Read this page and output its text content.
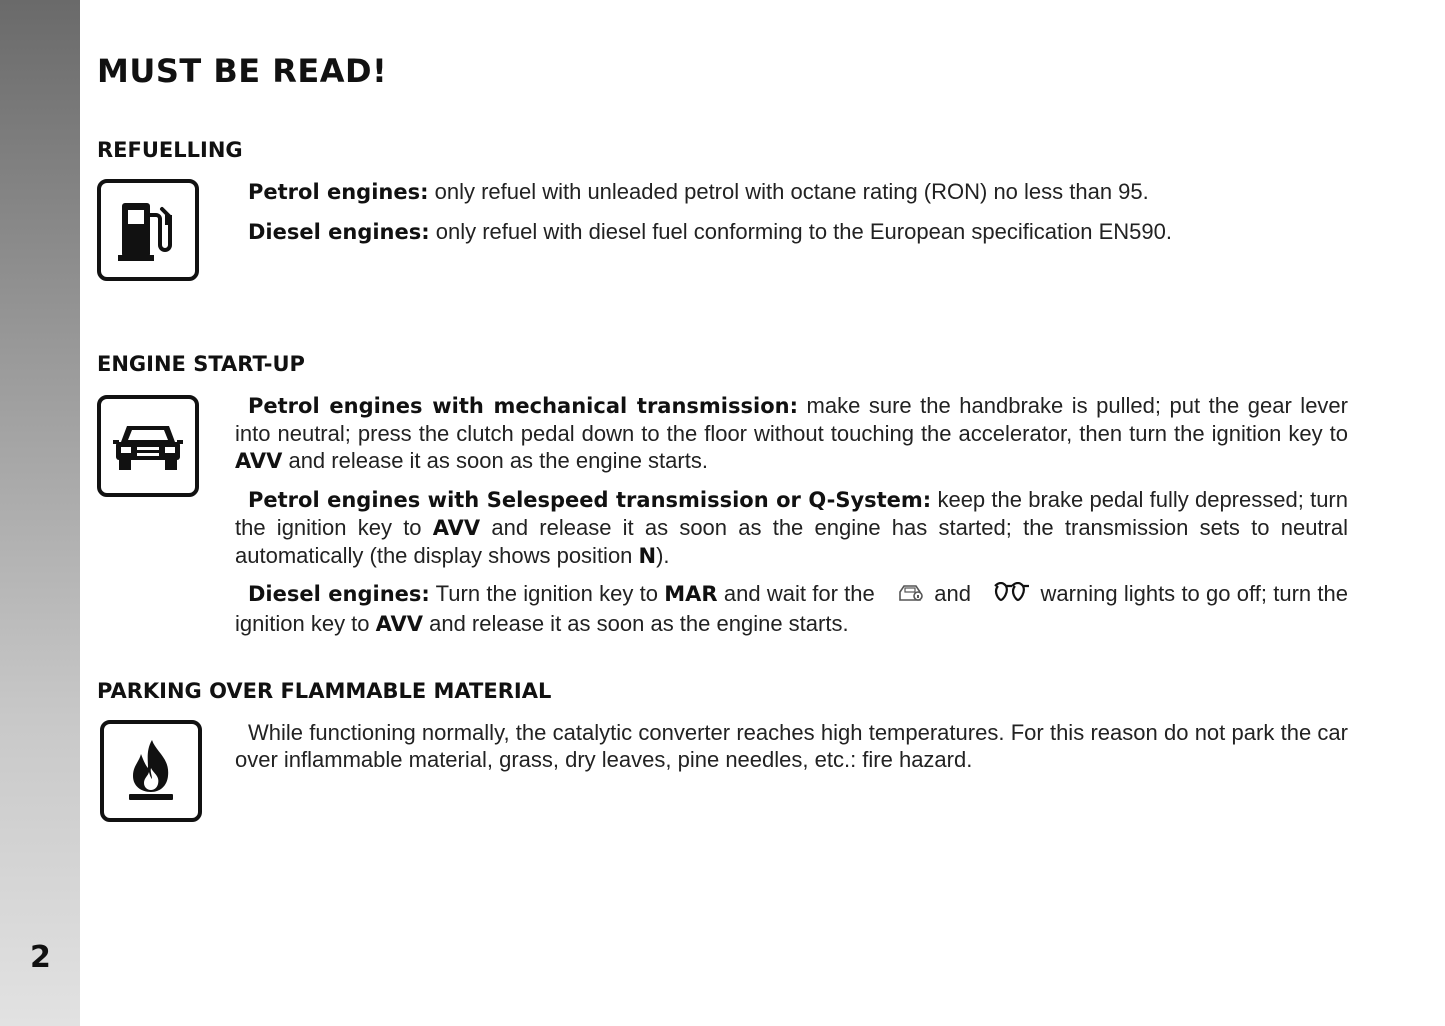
2
MUST BE READ!
REFUELLING

Petrol engines: only refuel with unleaded petrol with octane rating (RON) no less than 95.

Diesel engines: only refuel with diesel fuel conforming to the European specification EN590.

ENGINE START-UP

Petrol engines with mechanical transmission: make sure the handbrake is pulled; put the gear lever into neutral; press the clutch pedal down to the floor without touching the accelerator, then turn the ignition key to AVV and release it as soon as the engine starts.

Petrol engines with Selespeed transmission or Q-System: keep the brake pedal fully depressed; turn the ignition key to AVV and release it as soon as the engine has started; the transmission sets to neutral automatically (the display shows position N).

Diesel engines: Turn the ignition key to MAR and wait for the  and	warning lights to go off; turn the ignition key to AVV and release it as soon as the engine starts.

PARKING OVER FLAMMABLE MATERIAL

While functioning normally, the catalytic converter reaches high temperatures. For this reason do not park the car over inflammable material, grass, dry leaves, pine needles, etc.: fire hazard.
